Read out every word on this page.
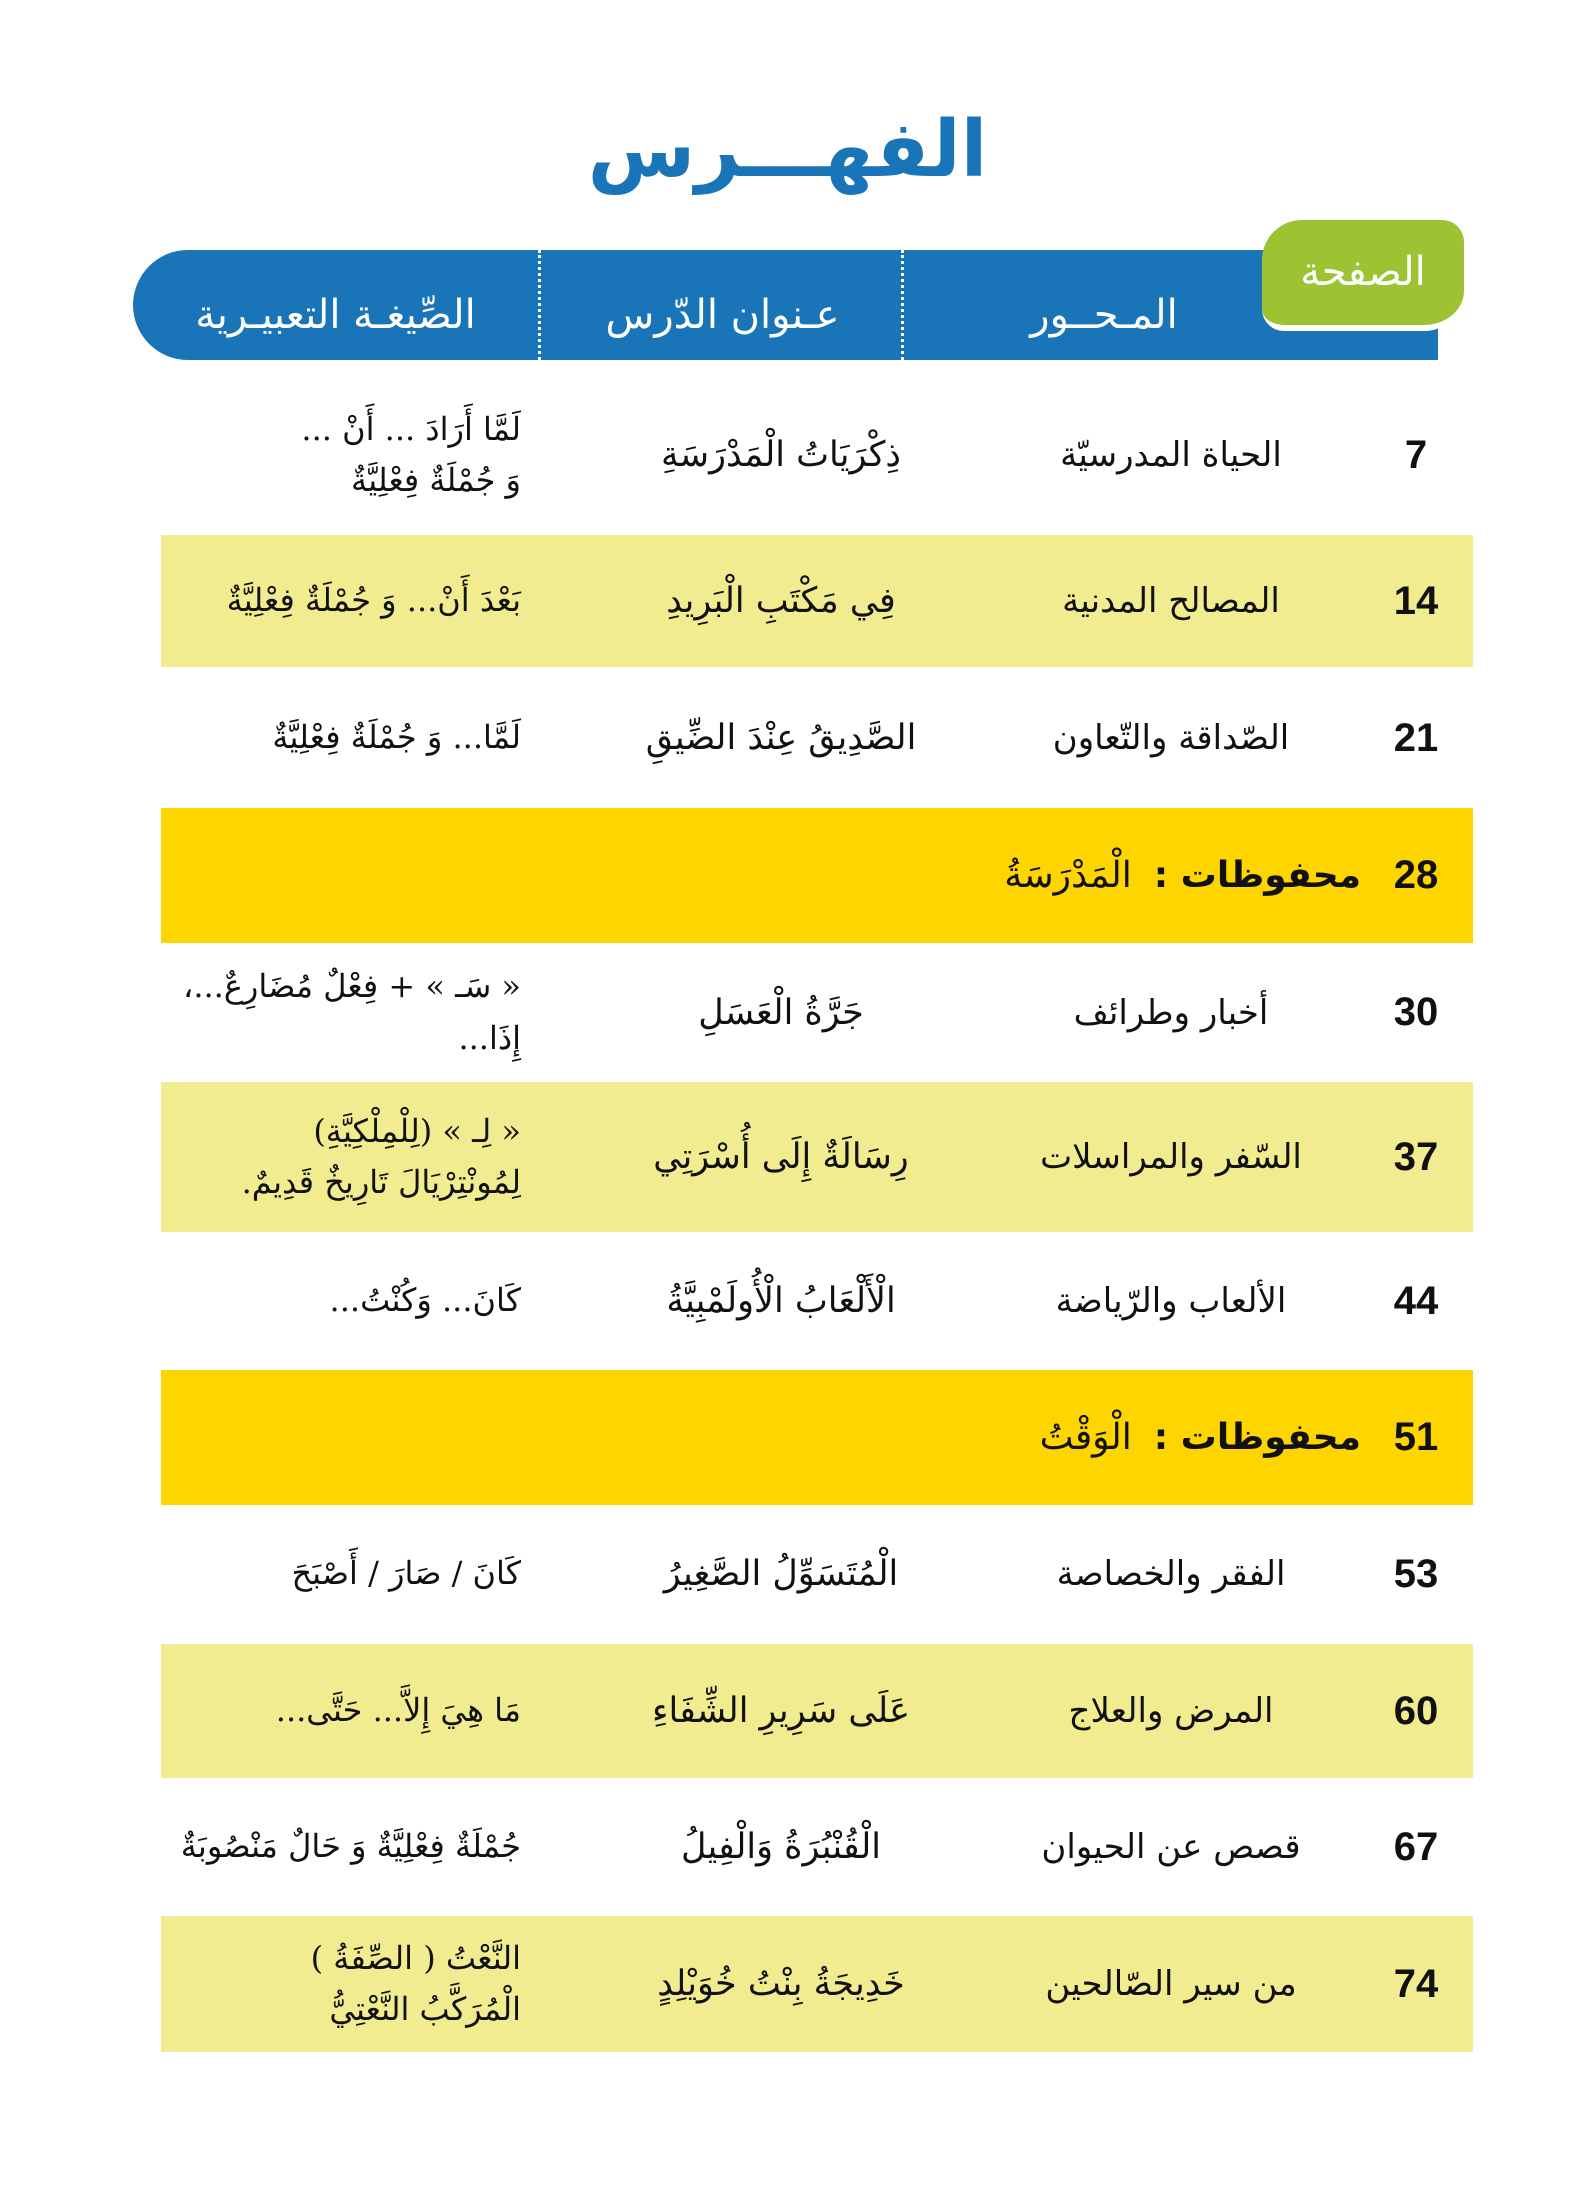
الفهـــرس
الصِّيغـة التعبيـرية	عـنوان الدّرس	المـحــور
الصفحة
7
الحياة المدرسيّة
ذِكْرَيَاتُ الْمَدْرَسَةِ
لَمَّا أَرَادَ ... أَنْ ...
وَ جُمْلَةٌ فِعْلِيَّةٌ
14
المصالح المدنية
فِي مَكْتَبِ الْبَرِيدِ
بَعْدَ أَنْ... وَ جُمْلَةٌ فِعْلِيَّةٌ
21
الصّداقة والتّعاون
الصَّدِيقُ عِنْدَ الضِّيقِ
لَمَّا... وَ جُمْلَةٌ فِعْلِيَّةٌ
28
محفوظات :
الْمَدْرَسَةُ
30
أخبار وطرائف
جَرَّةُ الْعَسَلِ
« سَـ » + فِعْلٌ مُضَارِعٌ...،
إِذَا...
37
السّفر والمراسلات
رِسَالَةٌ إِلَى أُسْرَتِي
« لِـ » (لِلْمِلْكِيَّةِ)
لِمُونْتِرْيَالَ تَارِيخٌ قَدِيمٌ.
44
الألعاب والرّياضة
الْأَلْعَابُ الْأُولَمْبِيَّةُ
كَانَ... وَكُنْتُ...
51
محفوظات :
الْوَقْتُ
53
الفقر والخصاصة
الْمُتَسَوِّلُ الصَّغِيرُ
كَانَ / صَارَ / أَصْبَحَ
60
المرض والعلاج
عَلَى سَرِيرِ الشِّفَاءِ
مَا هِيَ إِلاَّ... حَتَّى...
67
قصص عن الحيوان
الْقُنْبُرَةُ وَالْفِيلُ
جُمْلَةٌ فِعْلِيَّةٌ وَ حَالٌ مَنْصُوبَةٌ
74
من سير الصّالحين
خَدِيجَةُ بِنْتُ خُوَيْلِدٍ
النَّعْتُ ( الصِّفَةُ )
الْمُرَكَّبُ النَّعْتِيُّ
